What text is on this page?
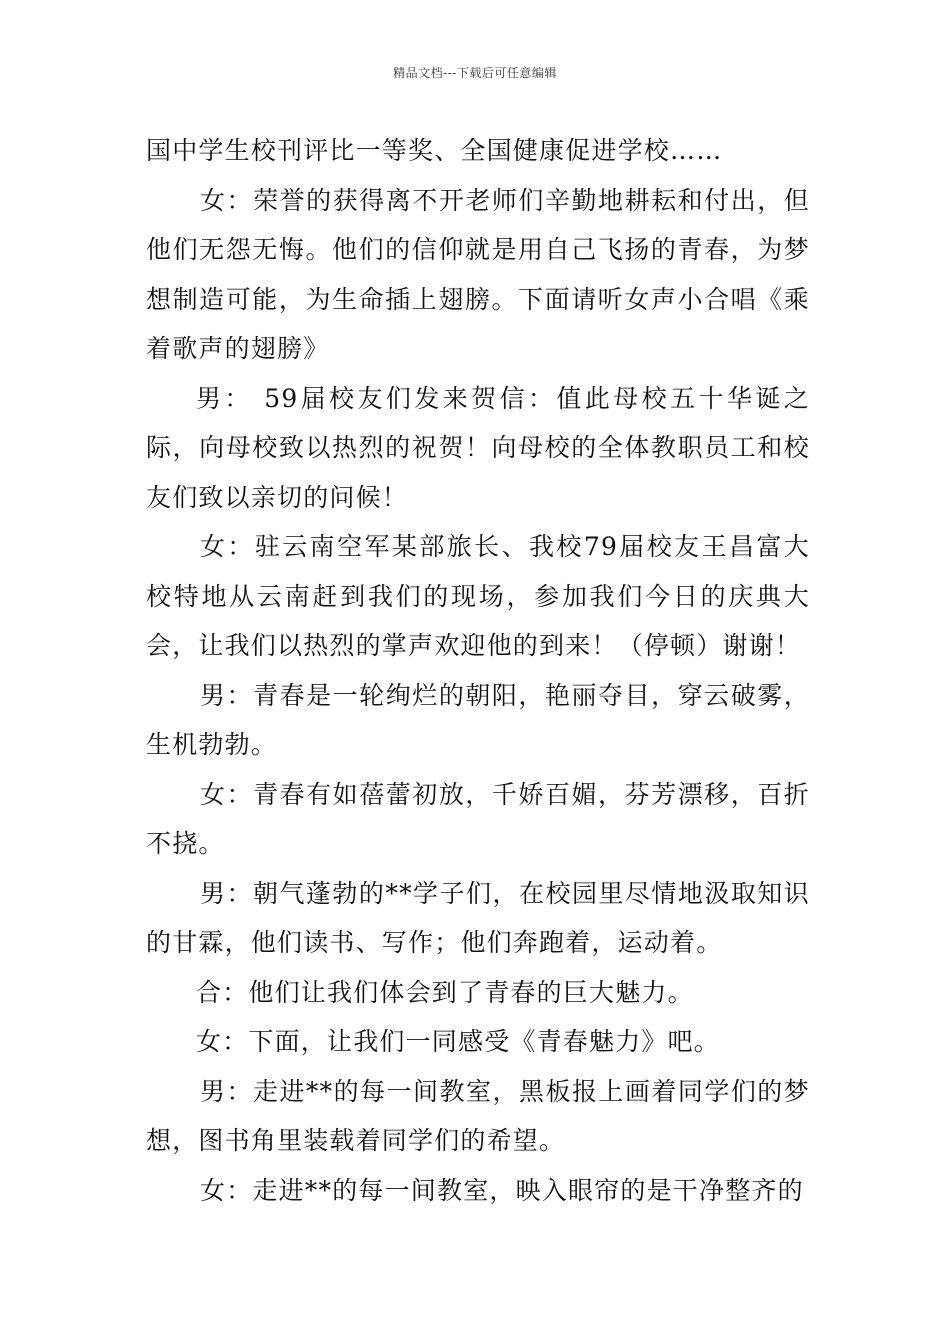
精品文档---下载后可任意编辑

国中学生校刊评比一等奖、全国健康促进学校……

女：荣誉的获得离不开老师们辛勤地耕耘和付出，但他们无怨无悔。他们的信仰就是用自己飞扬的青春，为梦想制造可能，为生命插上翅膀。下面请听女声小合唱《乘着歌声的翅膀》

男： 59届校友们发来贺信：值此母校五十华诞之际，向母校致以热烈的祝贺！向母校的全体教职员工和校友们致以亲切的问候！

女：驻云南空军某部旅长、我校79届校友王昌富大校特地从云南赶到我们的现场，参加我们今日的庆典大会，让我们以热烈的掌声欢迎他的到来！（停顿）谢谢！

男：青春是一轮绚烂的朝阳，艳丽夺目，穿云破雾，生机勃勃。

女：青春有如蓓蕾初放，千娇百媚，芬芳漂移，百折不挠。

男：朝气蓬勃的**学子们，在校园里尽情地汲取知识的甘霖，他们读书、写作；他们奔跑着，运动着。

合：他们让我们体会到了青春的巨大魅力。

女：下面，让我们一同感受《青春魅力》吧。

男：走进**的每一间教室，黑板报上画着同学们的梦想，图书角里装载着同学们的希望。

女：走进**的每一间教室，映入眼帘的是干净整齐的
